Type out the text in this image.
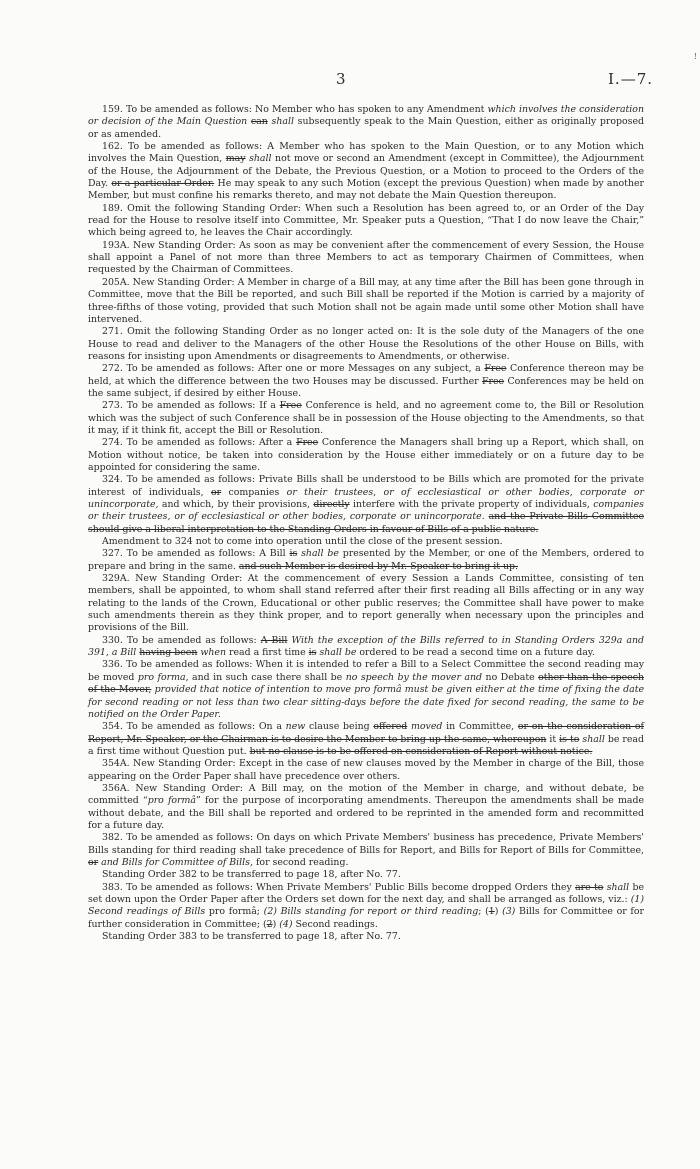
3	I.—7.
!

159. To be amended as follows: No Member who has spoken to any Amendment which involves the consideration or decision of the Main Question can shall subsequently speak to the Main Question, either as originally proposed or as amended.

162. To be amended as follows: A Member who has spoken to the Main Question, or to any Motion which involves the Main Question, may shall not move or second an Amendment (except in Committee), the Adjournment of the House, the Adjournment of the Debate, the Previous Question, or a Motion to proceed to the Orders of the Day. or a particular Order. He may speak to any such Motion (except the previous Question) when made by another Member, but must confine his remarks thereto, and may not debate the Main Question thereupon.

189. Omit the following Standing Order: When such a Resolution has been agreed to, or an Order of the Day read for the House to resolve itself into Committee, Mr. Speaker puts a Question, “That I do now leave the Chair,” which being agreed to, he leaves the Chair accordingly.

193A. New Standing Order: As soon as may be convenient after the commencement of every Session, the House shall appoint a Panel of not more than three Members to act as temporary Chairmen of Committees, when requested by the Chairman of Committees.

205A. New Standing Order: A Member in charge of a Bill may, at any time after the Bill has been gone through in Committee, move that the Bill be reported, and such Bill shall be reported if the Motion is carried by a majority of three-fifths of those voting, provided that such Motion shall not be again made until some other Motion shall have intervened.

271. Omit the following Standing Order as no longer acted on: It is the sole duty of the Managers of the one House to read and deliver to the Managers of the other House the Resolutions of the other House on Bills, with reasons for insisting upon Amendments or disagreements to Amendments, or otherwise.

272. To be amended as follows: After one or more Messages on any subject, a Free Conference thereon may be held, at which the difference between the two Houses may be discussed. Further Free Conferences may be held on the same subject, if desired by either House.

273. To be amended as follows: If a Free Conference is held, and no agreement come to, the Bill or Resolution which was the subject of such Conference shall be in possession of the House objecting to the Amendments, so that it may, if it think fit, accept the Bill or Resolution.

274. To be amended as follows: After a Free Conference the Managers shall bring up a Report, which shall, on Motion without notice, be taken into consideration by the House either immediately or on a future day to be appointed for considering the same.

324. To be amended as follows: Private Bills shall be understood to be Bills which are promoted for the private interest of individuals, or companies or their trustees, or of ecclesiastical or other bodies, corporate or unincorporate, and which, by their provisions, directly interfere with the private property of individuals, companies or their trustees, or of ecclesiastical or other bodies, corporate or unincorporate. and the Private Bills Committee should give a liberal interpretation to the Standing Orders in favour of Bills of a public nature.

Amendment to 324 not to come into operation until the close of the present session.

327. To be amended as follows: A Bill is shall be presented by the Member, or one of the Members, ordered to prepare and bring in the same. and such Member is desired by Mr. Speaker to bring it up.

329A. New Standing Order: At the commencement of every Session a Lands Committee, consisting of ten members, shall be appointed, to whom shall stand referred after their first reading all Bills affecting or in any way relating to the lands of the Crown, Educational or other public reserves; the Committee shall have power to make such amendments therein as they think proper, and to report generally when necessary upon the principles and provisions of the Bill.

330. To be amended as follows: A Bill With the exception of the Bills referred to in Standing Orders 329a and 391, a Bill having been when read a first time is shall be ordered to be read a second time on a future day.

336. To be amended as follows: When it is intended to refer a Bill to a Select Committee the second reading may be moved pro forma, and in such case there shall be no speech by the mover and no Debate other than the speech of the Mover, provided that notice of intention to move pro formâ must be given either at the time of fixing the date for second reading or not less than two clear sitting-days before the date fixed for second reading, the same to be notified on the Order Paper.

354. To be amended as follows: On a new clause being offered moved in Committee, or on the consideration of Report, Mr. Speaker, or the Chairman is to desire the Member to bring up the same, whereupon it is to shall be read a first time without Question put. but no clause is to be offered on consideration of Report without notice.

354A. New Standing Order: Except in the case of new clauses moved by the Member in charge of the Bill, those appearing on the Order Paper shall have precedence over others.

356A. New Standing Order: A Bill may, on the motion of the Member in charge, and without debate, be committed “pro formâ” for the purpose of incorporating amendments. Thereupon the amendments shall be made without debate, and the Bill shall be reported and ordered to be reprinted in the amended form and recommitted for a future day.

382. To be amended as follows: On days on which Private Members' business has precedence, Private Members' Bills standing for third reading shall take precedence of Bills for Report, and Bills for Report of Bills for Committee, or and Bills for Committee of Bills, for second reading.

Standing Order 382 to be transferred to page 18, after No. 77.

383. To be amended as follows: When Private Members' Public Bills become dropped Orders they are to shall be set down upon the Order Paper after the Orders set down for the next day, and shall be arranged as follows, viz.: (1) Second readings of Bills pro formâ; (2) Bills standing for report or third reading; (1) (3) Bills for Committee or for further consideration in Committee; (2) (4) Second readings.

Standing Order 383 to be transferred to page 18, after No. 77.
